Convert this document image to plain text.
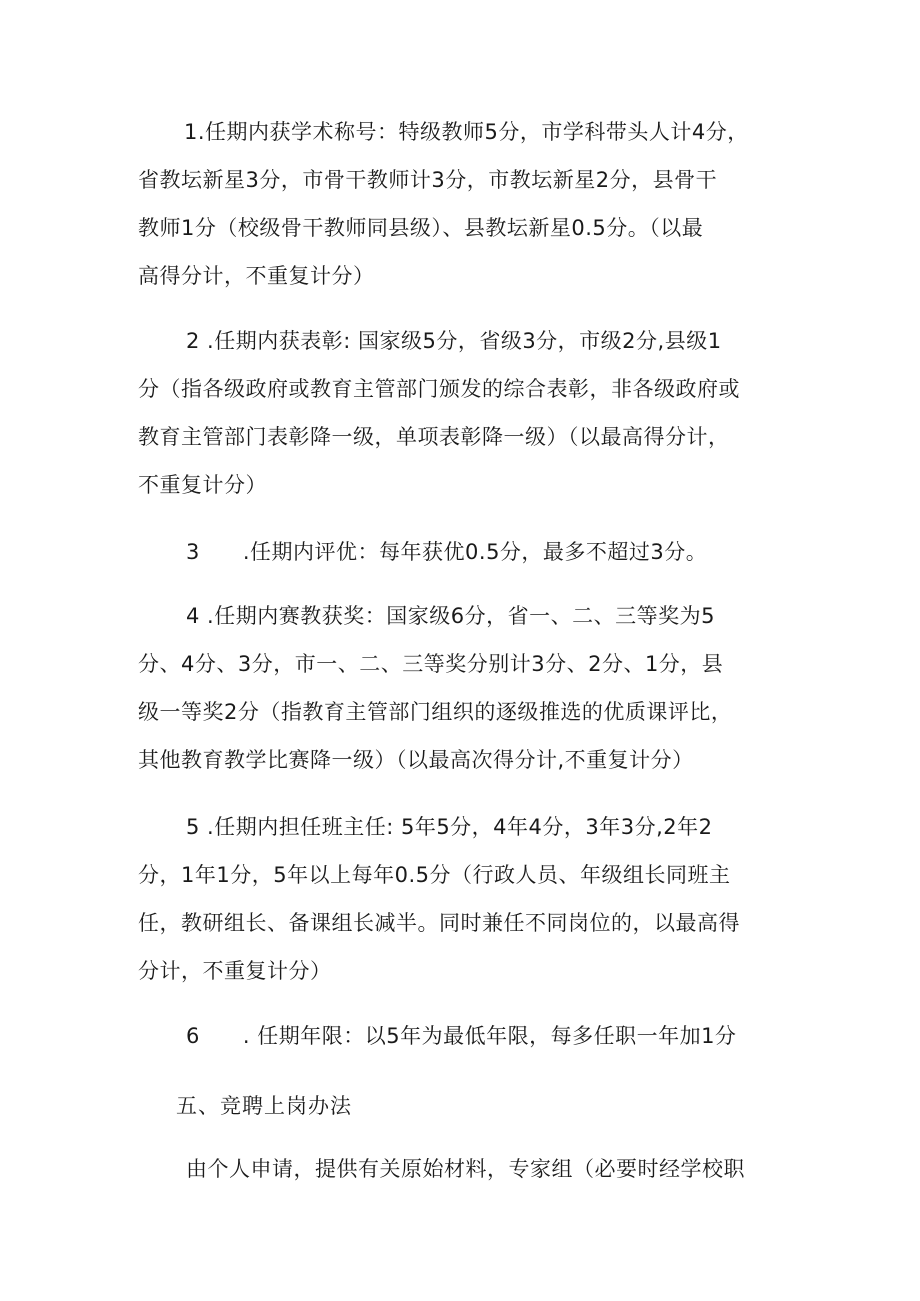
1.任期内获学术称号：特级教师5分，市学科带头人计4分，
省教坛新星3分，市骨干教师计3分，市教坛新星2分，县骨干
教师1分（校级骨干教师同县级）、县教坛新星0.5分。（以最
高得分计，不重复计分）

2 .任期内获表彰: 国家级5分，省级3分，市级2分,县级1
分（指各级政府或教育主管部门颁发的综合表彰，非各级政府或
教育主管部门表彰降一级，单项表彰降一级）（以最高得分计，
不重复计分）

3　　.任期内评优：每年获优0.5分，最多不超过3分。

4 .任期内赛教获奖：国家级6分，省一、二、三等奖为5
分、4分、3分，市一、二、三等奖分别计3分、2分、1分，县
级一等奖2分（指教育主管部门组织的逐级推选的优质课评比，
其他教育教学比赛降一级）（以最高次得分计,不重复计分）

5 .任期内担任班主任: 5年5分，4年4分，3年3分,2年2
分，1年1分，5年以上每年0.5分（行政人员、年级组长同班主
任，教研组长、备课组长减半。同时兼任不同岗位的，以最高得
分计，不重复计分）

6　　. 任期年限：以5年为最低年限，每多任职一年加1分

五、竞聘上岗办法

由个人申请，提供有关原始材料，专家组（必要时经学校职
